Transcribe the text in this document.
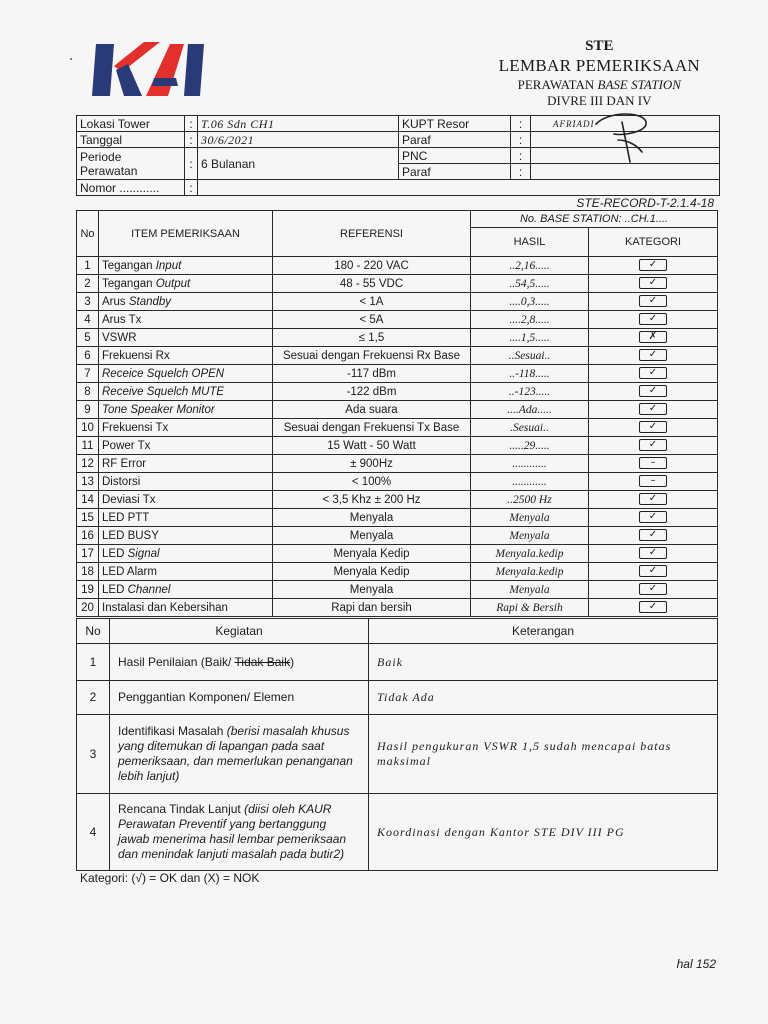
STE
LEMBAR PEMERIKSAAN
PERAWATAN BASE STATION
DIVRE III DAN IV
Lokasi Tower	:	T.06 Sdn CH1	KUPT Resor	:	AFRIADI
Tanggal	:	30/6/2021	Paraf	:	
Periode
Perawatan	:	6 Bulanan	PNC	:	
			Paraf	:	
Nomor ............	:				
STE-RECORD-T-2.1.4-18
No	ITEM PEMERIKSAAN	REFERENSI	No. BASE STATION: ..CH.1....	
			HASIL	KATEGORI
1	Tegangan Input	180 - 220 VAC	..2,16.....	✓
2	Tegangan Output	48 - 55 VDC	..54,5.....	✓
3	Arus Standby	< 1A	....0,3.....	✓
4	Arus Tx	< 5A	....2,8.....	✓
5	VSWR	≤ 1,5	....1,5.....	✗
6	Frekuensi Rx	Sesuai dengan Frekuensi Rx Base	..Sesuai..	✓
7	Receice Squelch OPEN	-117 dBm	..-118.....	✓
8	Receive Squelch MUTE	-122 dBm	..-123.....	✓
9	Tone Speaker Monitor	Ada suara	....Ada.....	✓
10	Frekuensi Tx	Sesuai dengan Frekuensi Tx Base	.Sesuai..	✓
11	Power Tx	15 Watt - 50 Watt	.....29.....	✓
12	RF Error	± 900Hz	............	–
13	Distorsi	< 100%	............	–
14	Deviasi Tx	< 3,5 Khz ± 200 Hz	..2500 Hz	✓
15	LED PTT	Menyala	Menyala	✓
16	LED BUSY	Menyala	Menyala	✓
17	LED Signal	Menyala Kedip	Menyala.kedip	✓
18	LED Alarm	Menyala Kedip	Menyala.kedip	✓
19	LED Channel	Menyala	Menyala	✓
20	Instalasi dan Kebersihan	Rapi dan bersih	Rapi & Bersih	✓
No	Kegiatan	Keterangan
1	Hasil Penilaian (Baik/ Tidak Baik)	Baik
2	Penggantian Komponen/ Elemen	Tidak Ada
3	Identifikasi Masalah (berisi masalah khusus yang ditemukan di lapangan pada saat pemeriksaan, dan memerlukan penanganan lebih lanjut)	Hasil pengukuran VSWR 1,5 sudah mencapai batas maksimal
4	Rencana Tindak Lanjut (diisi oleh KAUR Perawatan Preventif yang bertanggung jawab menerima hasil lembar pemeriksaan dan menindak lanjuti masalah pada butir2)	Koordinasi dengan Kantor STE DIV III PG
Kategori: (√) = OK dan (X) = NOK
hal 152
